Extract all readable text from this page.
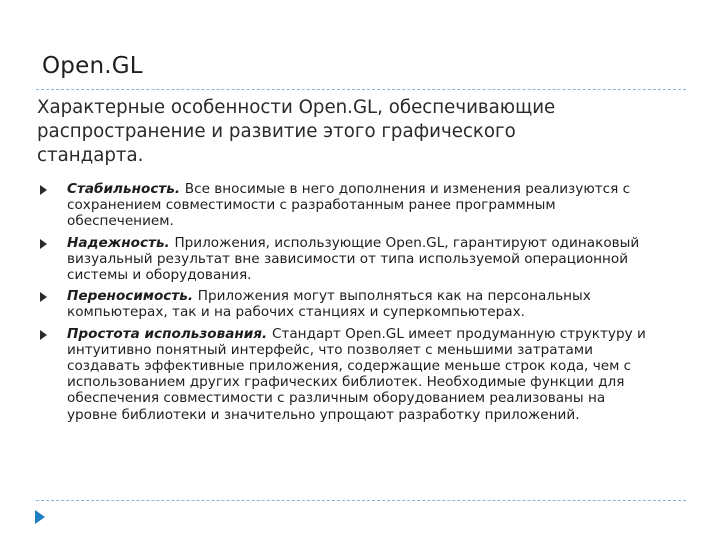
Open.GL
Характерные особенности Open.GL, обеспечивающие
распространение и развитие этого графического
стандарта.
Стабильность. Все вносимые в него дополнения и изменения реализуются с
сохранением совместимости с разработанным ранее программным
обеспечением.
Надежность. Приложения, использующие Open.GL, гарантируют одинаковый
визуальный результат вне зависимости от типа используемой операционной
системы и оборудования.
Переносимость. Приложения могут выполняться как на персональных
компьютерах, так и на рабочих станциях и суперкомпьютерах.
Простота использования. Стандарт Open.GL имеет продуманную структуру и
интуитивно понятный интерфейс, что позволяет с меньшими затратами
создавать эффективные приложения, содержащие меньше строк кода, чем с
использованием других графических библиотек. Необходимые функции для
обеспечения совместимости с различным оборудованием реализованы на
уровне библиотеки и значительно упрощают разработку приложений.
